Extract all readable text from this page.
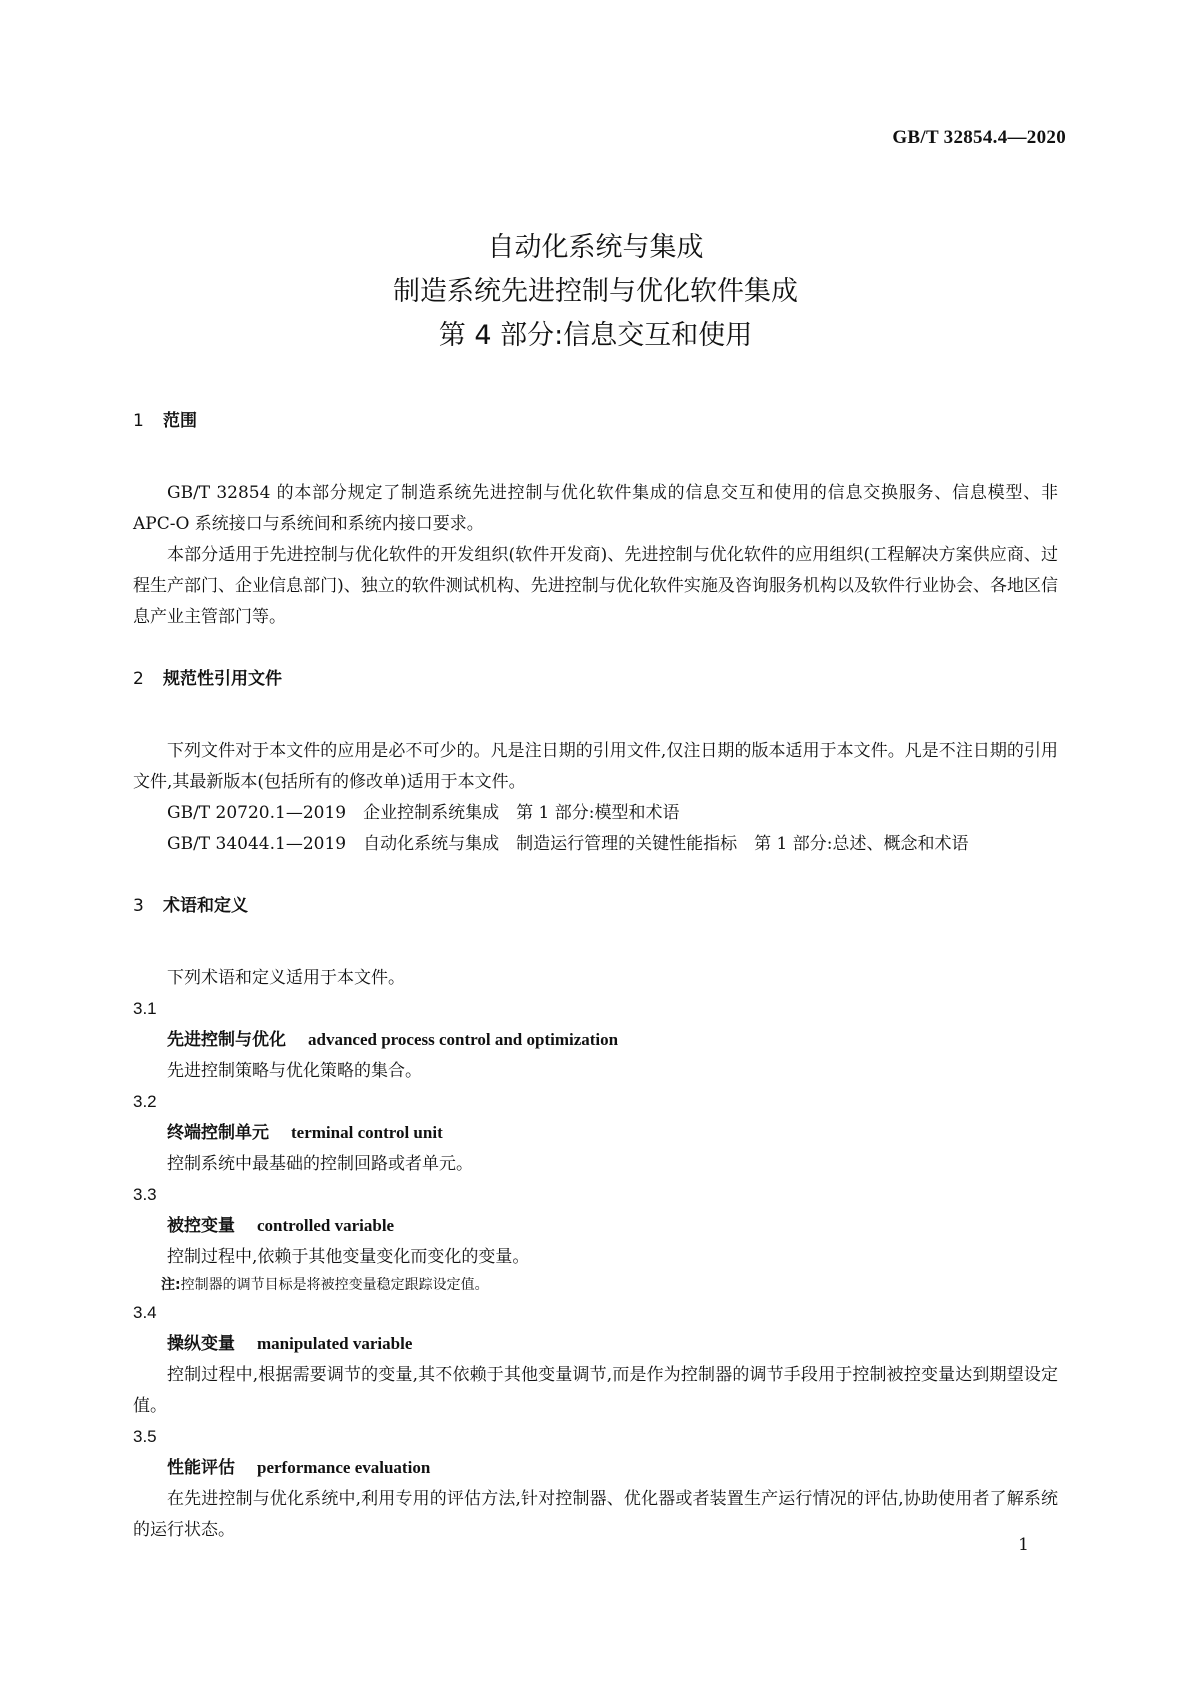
GB/T 32854.4—2020
自动化系统与集成
制造系统先进控制与优化软件集成
第 4 部分:信息交互和使用
1 范围
GB/T 32854 的本部分规定了制造系统先进控制与优化软件集成的信息交互和使用的信息交换服务、信息模型、非 APC-O 系统接口与系统间和系统内接口要求。
本部分适用于先进控制与优化软件的开发组织(软件开发商)、先进控制与优化软件的应用组织(工程解决方案供应商、过程生产部门、企业信息部门)、独立的软件测试机构、先进控制与优化软件实施及咨询服务机构以及软件行业协会、各地区信息产业主管部门等。
2 规范性引用文件
下列文件对于本文件的应用是必不可少的。凡是注日期的引用文件,仅注日期的版本适用于本文件。凡是不注日期的引用文件,其最新版本(包括所有的修改单)适用于本文件。
GB/T 20720.1—2019　企业控制系统集成　第 1 部分:模型和术语
GB/T 34044.1—2019　自动化系统与集成　制造运行管理的关键性能指标　第 1 部分:总述、概念和术语
3 术语和定义
下列术语和定义适用于本文件。
3.1
先进控制与优化 advanced process control and optimization
先进控制策略与优化策略的集合。
3.2
终端控制单元 terminal control unit
控制系统中最基础的控制回路或者单元。
3.3
被控变量 controlled variable
控制过程中,依赖于其他变量变化而变化的变量。
注:控制器的调节目标是将被控变量稳定跟踪设定值。
3.4
操纵变量 manipulated variable
控制过程中,根据需要调节的变量,其不依赖于其他变量调节,而是作为控制器的调节手段用于控制被控变量达到期望设定值。
3.5
性能评估 performance evaluation
在先进控制与优化系统中,利用专用的评估方法,针对控制器、优化器或者装置生产运行情况的评估,协助使用者了解系统的运行状态。
1
